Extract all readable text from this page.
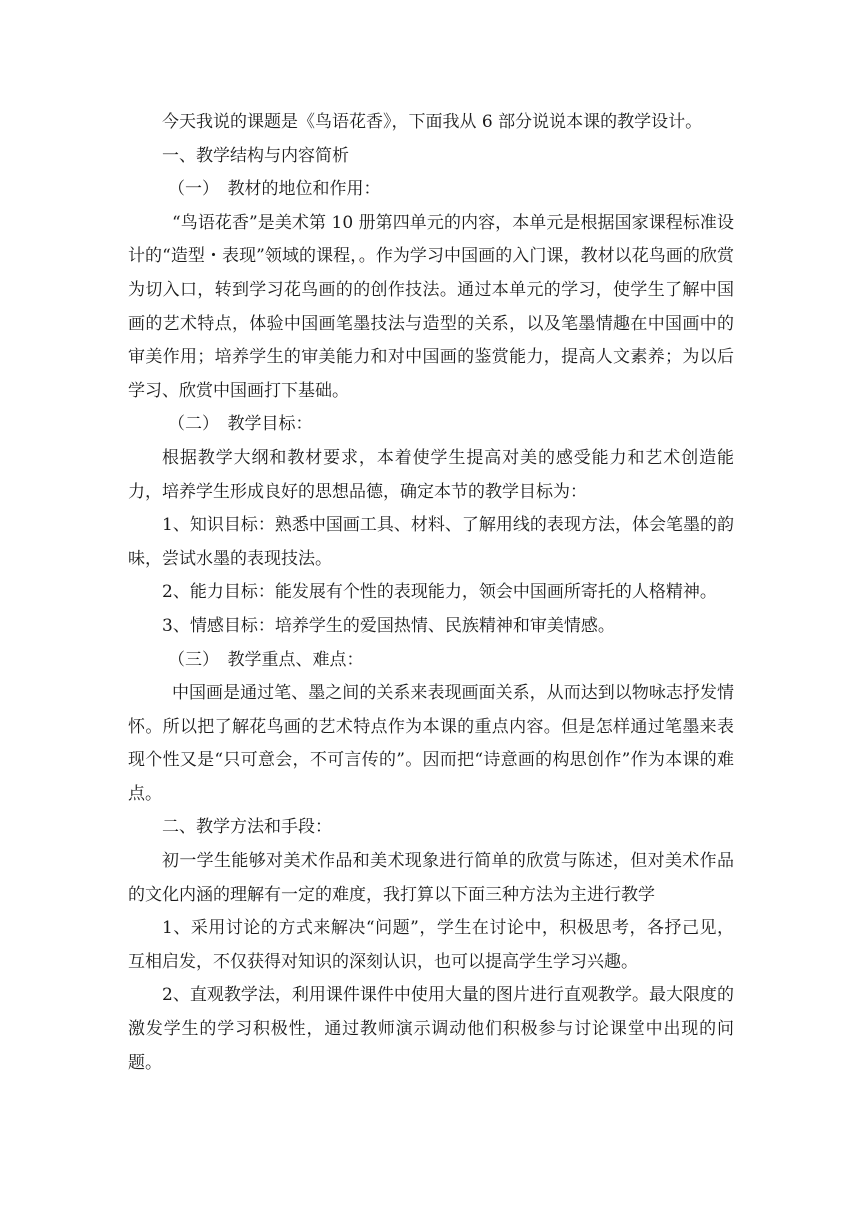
今天我说的课题是《鸟语花香》，下面我从 6 部分说说本课的教学设计。

一、教学结构与内容简析

（一）　教材的地位和作用：

“鸟语花香”是美术第 10 册第四单元的内容，本单元是根据国家课程标准设计的“造型・表现”领域的课程，。作为学习中国画的入门课，教材以花鸟画的欣赏为切入口，转到学习花鸟画的的创作技法。通过本单元的学习，使学生了解中国画的艺术特点，体验中国画笔墨技法与造型的关系，以及笔墨情趣在中国画中的审美作用；培养学生的审美能力和对中国画的鉴赏能力，提高人文素养；为以后学习、欣赏中国画打下基础。

（二）　教学目标：

根据教学大纲和教材要求，本着使学生提高对美的感受能力和艺术创造能力，培养学生形成良好的思想品德，确定本节的教学目标为：

1、知识目标：熟悉中国画工具、材料、了解用线的表现方法，体会笔墨的韵味，尝试水墨的表现技法。

2、能力目标：能发展有个性的表现能力，领会中国画所寄托的人格精神。

3、情感目标：培养学生的爱国热情、民族精神和审美情感。

（三）　教学重点、难点：

中国画是通过笔、墨之间的关系来表现画面关系，从而达到以物咏志抒发情怀。所以把了解花鸟画的艺术特点作为本课的重点内容。但是怎样通过笔墨来表现个性又是“只可意会，不可言传的”。因而把“诗意画的构思创作”作为本课的难点。

二、教学方法和手段：

初一学生能够对美术作品和美术现象进行简单的欣赏与陈述，但对美术作品的文化内涵的理解有一定的难度，我打算以下面三种方法为主进行教学

1、采用讨论的方式来解决“问题”，学生在讨论中，积极思考，各抒己见，互相启发，不仅获得对知识的深刻认识，也可以提高学生学习兴趣。

2、直观教学法，利用课件课件中使用大量的图片进行直观教学。最大限度的激发学生的学习积极性，通过教师演示调动他们积极参与讨论课堂中出现的问题。
